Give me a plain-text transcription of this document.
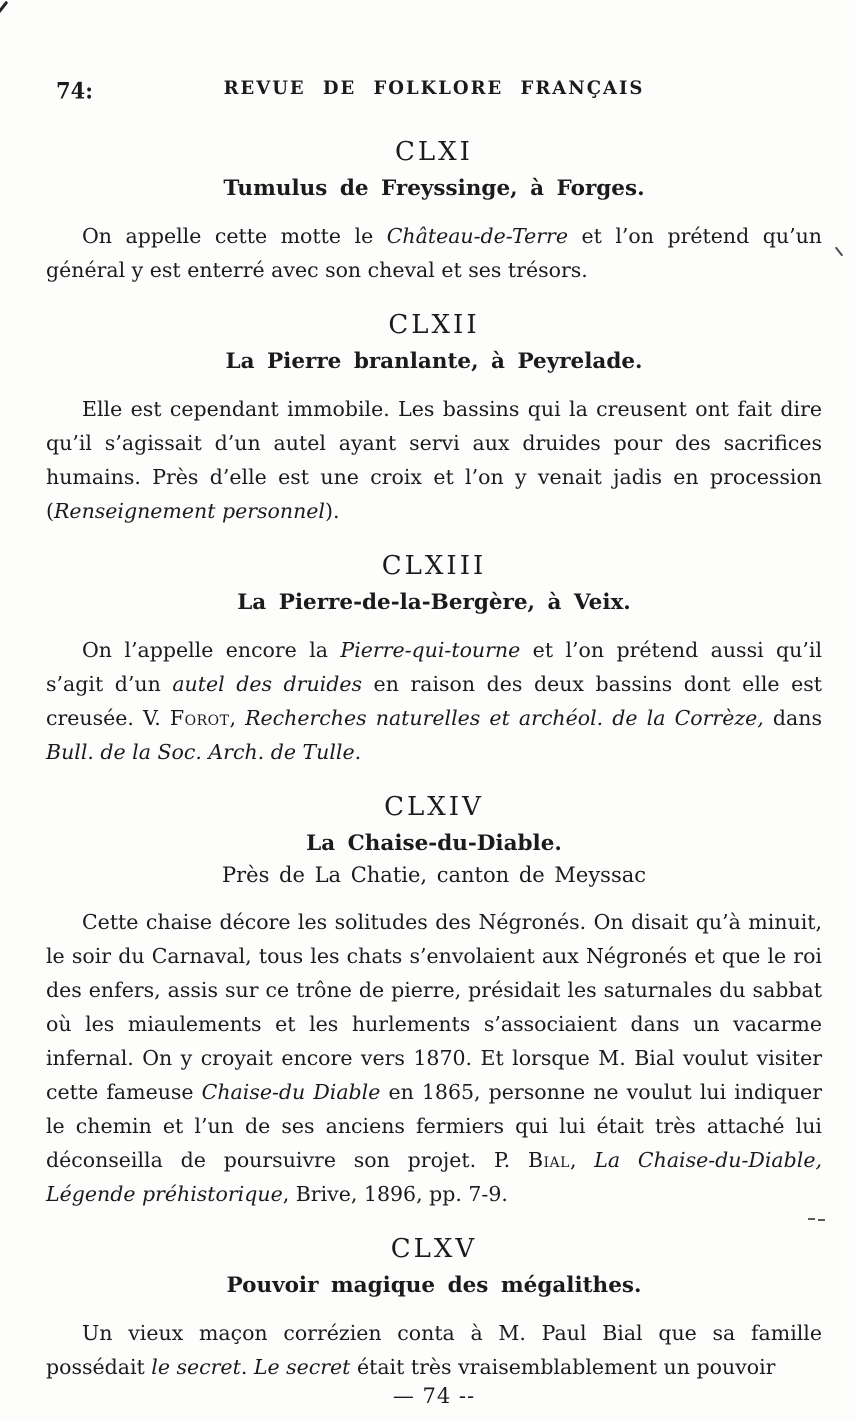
74:	REVUE DE FOLKLORE FRANÇAIS
CLXI
Tumulus de Freyssinge, à Forges.

On appelle cette motte le Château-de-Terre et l’on prétend qu’un général y est enterré avec son cheval et ses trésors.

CLXII
La Pierre branlante, à Peyrelade.

Elle est cependant immobile. Les bassins qui la creusent ont fait dire qu’il s’agissait d’un autel ayant servi aux druides pour des sacrifices humains. Près d’elle est une croix et l’on y venait jadis en procession (Renseignement personnel).

CLXIII
La Pierre-de-la-Bergère, à Veix.

On l’appelle encore la Pierre-qui-tourne et l’on prétend aussi qu’il s’agit d’un autel des druides en raison des deux bassins dont elle est creusée. V. Forot, Recherches naturelles et archéol. de la Corrèze, dans Bull. de la Soc. Arch. de Tulle.

CLXIV
La Chaise-du-Diable.
Près de La Chatie, canton de Meyssac

Cette chaise décore les solitudes des Négronés. On disait qu’à minuit, le soir du Carnaval, tous les chats s’envolaient aux Négronés et que le roi des enfers, assis sur ce trône de pierre, présidait les saturnales du sabbat où les miaulements et les hurlements s’associaient dans un vacarme infernal. On y croyait encore vers 1870. Et lorsque M. Bial voulut visiter cette fameuse Chaise-du Diable en 1865, personne ne voulut lui indiquer le chemin et l’un de ses anciens fermiers qui lui était très attaché lui déconseilla de poursuivre son projet. P. Bial, La Chaise-du-Diable, Légende préhistorique, Brive, 1896, pp. 7-9.

CLXV
Pouvoir magique des mégalithes.

Un vieux maçon corrézien conta à M. Paul Bial que sa famille possédait le secret. Le secret était très vraisemblablement un pouvoir

— 74 --
